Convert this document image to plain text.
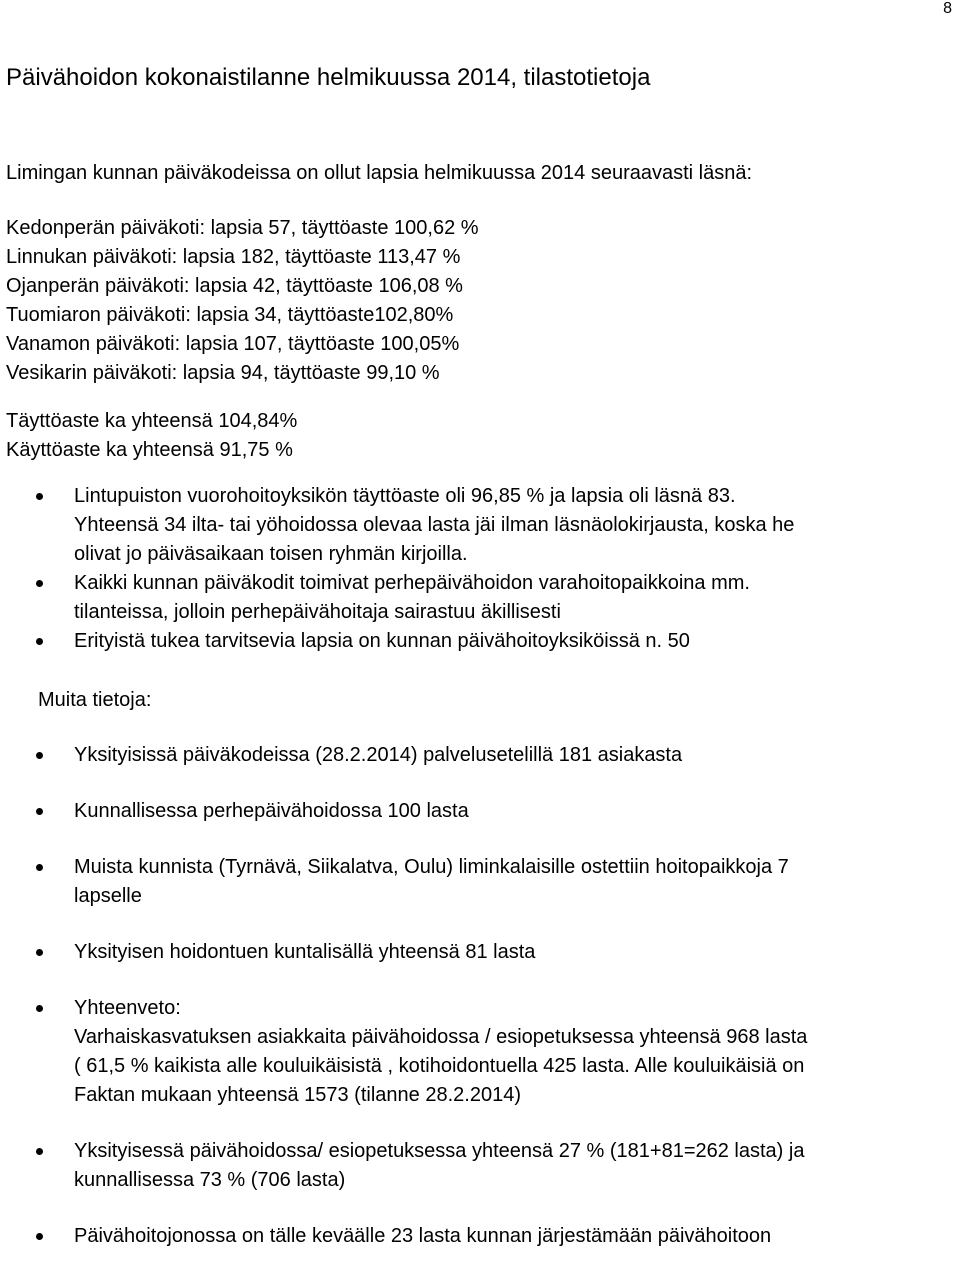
8
Päivähoidon kokonaistilanne helmikuussa 2014, tilastotietoja
Limingan kunnan päiväkodeissa on ollut lapsia helmikuussa 2014 seuraavasti läsnä:
Kedonperän päiväkoti: lapsia 57, täyttöaste 100,62 %
Linnukan päiväkoti: lapsia 182, täyttöaste 113,47 %
Ojanperän päiväkoti: lapsia 42, täyttöaste 106,08 %
Tuomiaron päiväkoti: lapsia 34, täyttöaste102,80%
Vanamon päiväkoti: lapsia 107, täyttöaste 100,05%
Vesikarin päiväkoti: lapsia 94, täyttöaste 99,10 %
Täyttöaste ka yhteensä 104,84%
Käyttöaste ka yhteensä 91,75 %
Lintupuiston vuorohoitoyksikön täyttöaste oli 96,85 % ja lapsia oli läsnä 83.
Yhteensä 34 ilta- tai yöhoidossa olevaa lasta jäi ilman läsnäolokirjausta, koska he
olivat jo päiväsaikaan toisen ryhmän kirjoilla.
Kaikki kunnan päiväkodit toimivat perhepäivähoidon varahoitopaikkoina mm.
tilanteissa, jolloin perhepäivähoitaja sairastuu äkillisesti
Erityistä tukea tarvitsevia lapsia on kunnan päivähoitoyksiköissä n. 50
Muita tietoja:
Yksityisissä päiväkodeissa (28.2.2014) palvelusetelillä 181 asiakasta
Kunnallisessa perhepäivähoidossa 100 lasta
Muista kunnista (Tyrnävä, Siikalatva, Oulu) liminkalaisille ostettiin hoitopaikkoja 7
lapselle
Yksityisen hoidontuen kuntalisällä yhteensä 81 lasta
Yhteenveto:
Varhaiskasvatuksen asiakkaita päivähoidossa / esiopetuksessa yhteensä 968 lasta
( 61,5 % kaikista alle kouluikäisistä , kotihoidontuella 425 lasta. Alle kouluikäisiä on
Faktan mukaan yhteensä 1573 (tilanne 28.2.2014)
Yksityisessä päivähoidossa/ esiopetuksessa yhteensä 27 % (181+81=262 lasta) ja
kunnallisessa 73 % (706 lasta)
Päivähoitojonossa on tälle keväälle 23 lasta kunnan järjestämään päivähoitoon
